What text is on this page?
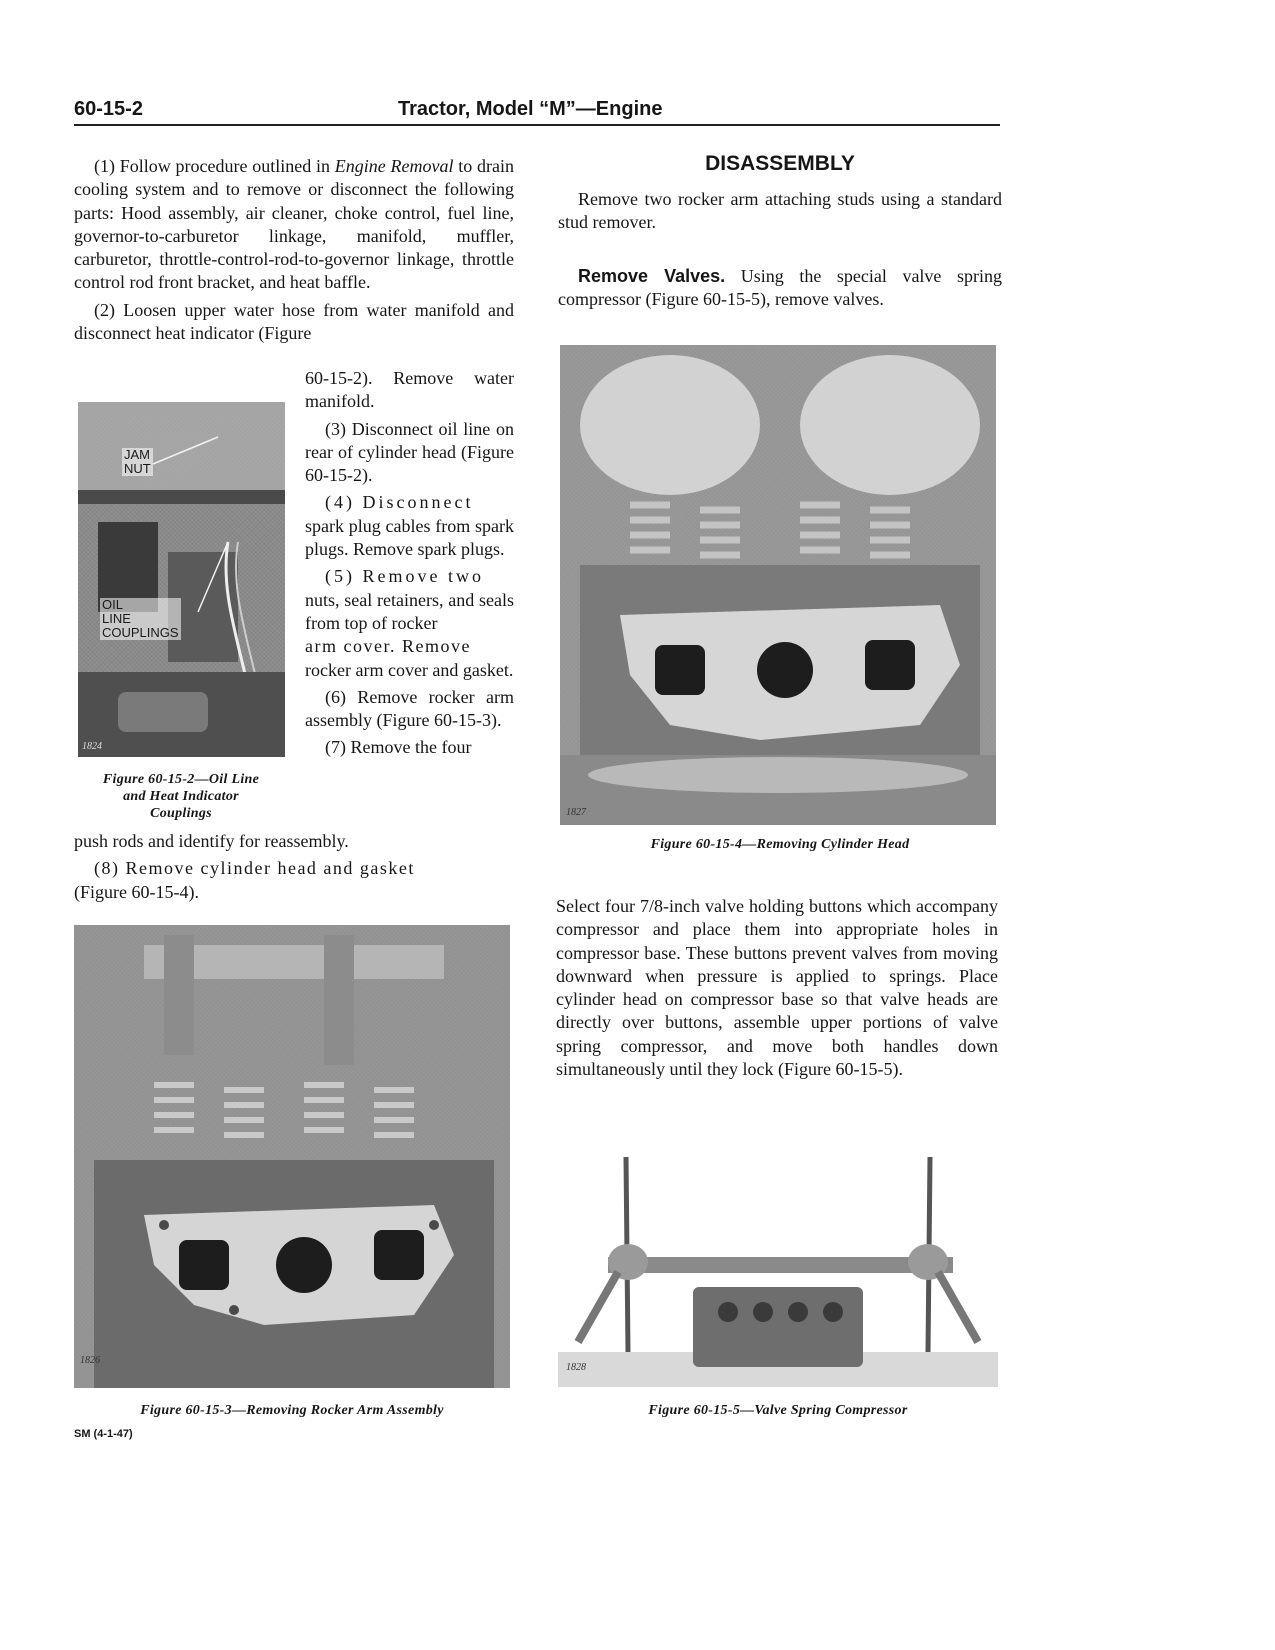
60-15-2	Tractor, Model “M”—Engine

(1) Follow procedure outlined in Engine Removal to drain cooling system and to remove or disconnect the following parts: Hood assembly, air cleaner, choke control, fuel line, governor-to-carburetor linkage, manifold, muffler, carburetor, throttle-control-rod-to-governor linkage, throttle control rod front bracket, and heat baffle.

(2) Loosen upper water hose from water manifold and disconnect heat indicator (Figure

JAM
NUT
OIL
LINE
COUPLINGS
1824
Figure 60-15-2—Oil Line
and Heat Indicator
Couplings

60-15-2). Remove water manifold.

(3) Disconnect oil line on rear of cylinder head (Figure 60-15-2).

(4) Disconnect

spark plug cables from spark plugs. Remove spark plugs.

(5) Remove two

nuts, seal retainers, and seals from top of rocker

arm cover. Remove

rocker arm cover and gasket.

(6) Remove rocker arm assembly (Figure 60-15-3).

(7) Remove the four

push rods and identify for reassembly.

(8) Remove cylinder head and gasket

(Figure 60-15-4).

1826
Figure 60-15-3—Removing Rocker Arm Assembly
SM (4-1-47)
DISASSEMBLY
Remove two rocker arm attaching studs using a standard stud remover.
Remove Valves. Using the special valve spring compressor (Figure 60-15-5), remove valves.
1827
Figure 60-15-4—Removing Cylinder Head
Select four 7/8-inch valve holding buttons which accompany compressor and place them into appropriate holes in compressor base. These buttons prevent valves from moving downward when pressure is applied to springs. Place cylinder head on compressor base so that valve heads are directly over buttons, assemble upper portions of valve spring compressor, and move both handles down simultaneously until they lock (Figure 60-15-5).
1828
Figure 60-15-5—Valve Spring Compressor
